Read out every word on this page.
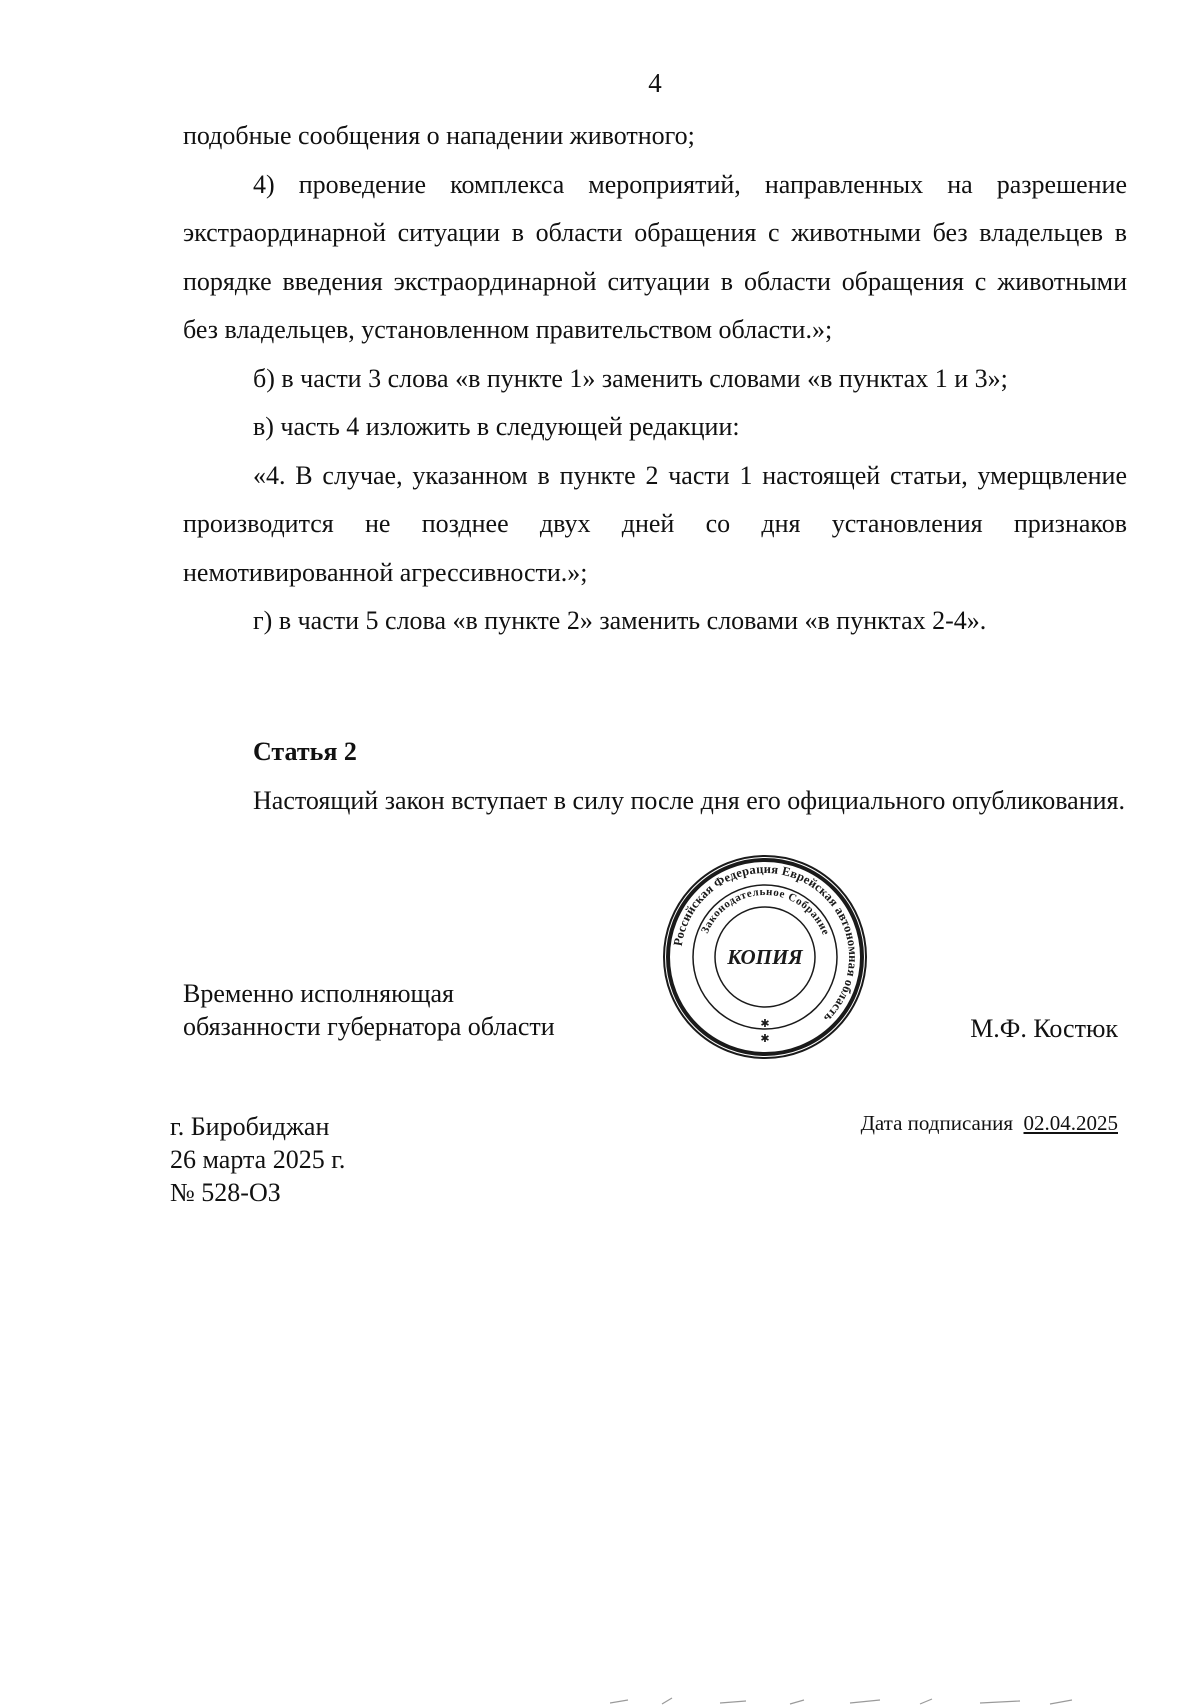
4

подобные сообщения о нападении животного;

4) проведение комплекса мероприятий, направленных на разрешение экстраординарной ситуации в области обращения с животными без владельцев в порядке введения экстраординарной ситуации в области обращения с животными без владельцев, установленном правительством области.»;

б) в части 3 слова «в пункте 1» заменить словами «в пунктах 1 и 3»;

в) часть 4 изложить в следующей редакции:

«4. В случае, указанном в пункте 2 части 1 настоящей статьи, умерщвление производится не позднее двух дней со дня установления признаков немотивированной агрессивности.»;

г) в части 5 слова «в пункте 2» заменить словами «в пунктах 2-4».

Статья 2

Настоящий закон вступает в силу после дня его официального опубликования.

Временно исполняющая
обязанности губернатора области	М.Ф. Костюк
Российская Федерация Еврейская автономная область
Законодательное Собрание
КОПИЯ
✱
✱
г. Биробиджан
26 марта 2025 г.
№ 528-ОЗ
Дата подписания 02.04.2025
